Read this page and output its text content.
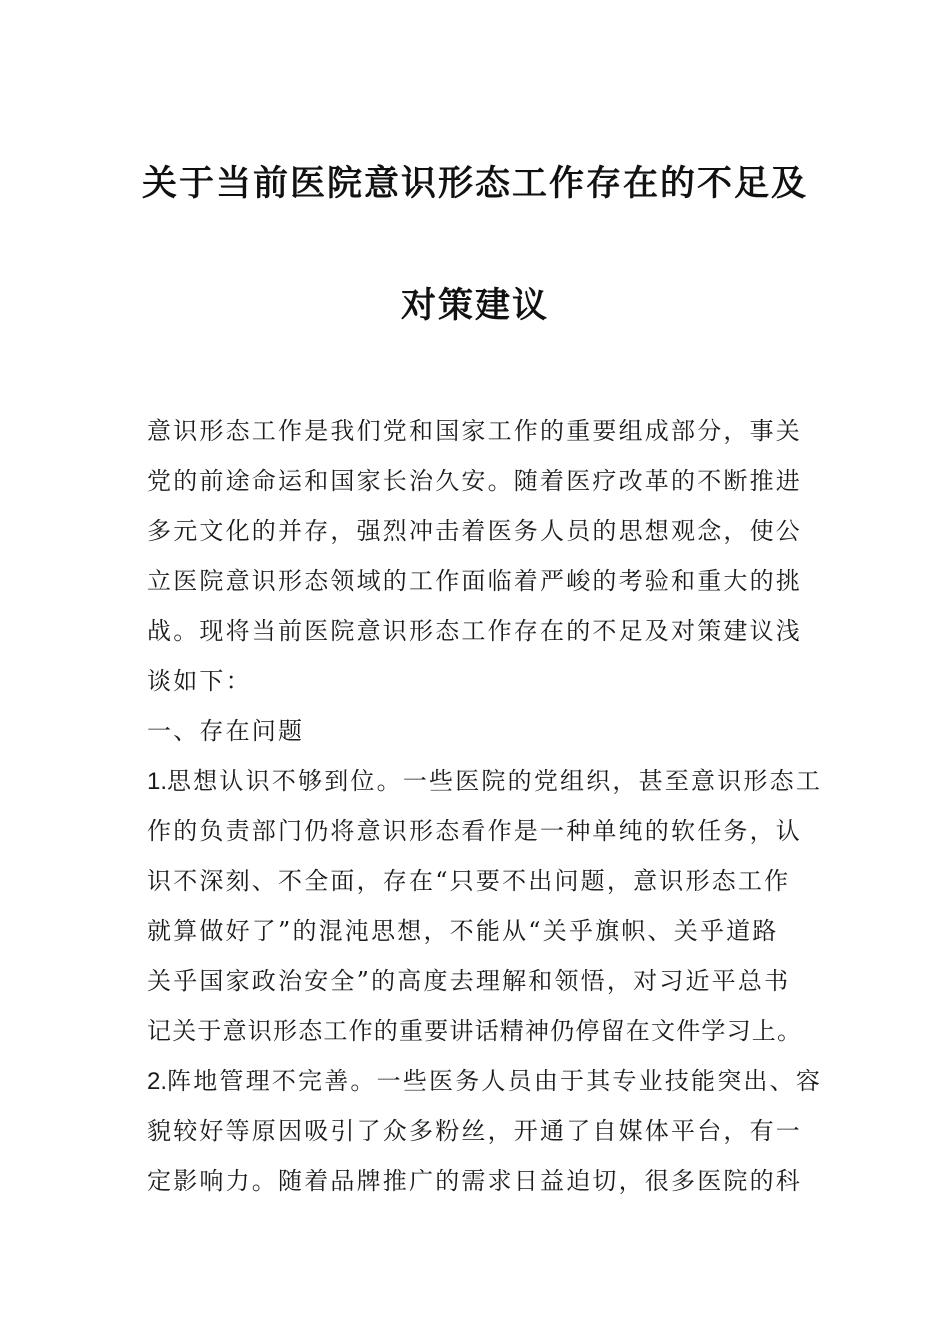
关于当前医院意识形态工作存在的不足及
对策建议
意识形态工作是我们党和国家工作的重要组成部分，事关
党的前途命运和国家长治久安。随着医疗改革的不断推进
多元文化的并存，强烈冲击着医务人员的思想观念，使公
立医院意识形态领域的工作面临着严峻的考验和重大的挑
战。现将当前医院意识形态工作存在的不足及对策建议浅
谈如下：
一、存在问题
1.思想认识不够到位。一些医院的党组织，甚至意识形态工
作的负责部门仍将意识形态看作是一种单纯的软任务，认
识不深刻、不全面，存在“只要不出问题，意识形态工作
就算做好了”的混沌思想，不能从“关乎旗帜、关乎道路
关乎国家政治安全”的高度去理解和领悟，对习近平总书
记关于意识形态工作的重要讲话精神仍停留在文件学习上。
2.阵地管理不完善。一些医务人员由于其专业技能突出、容
貌较好等原因吸引了众多粉丝，开通了自媒体平台，有一
定影响力。随着品牌推广的需求日益迫切，很多医院的科
